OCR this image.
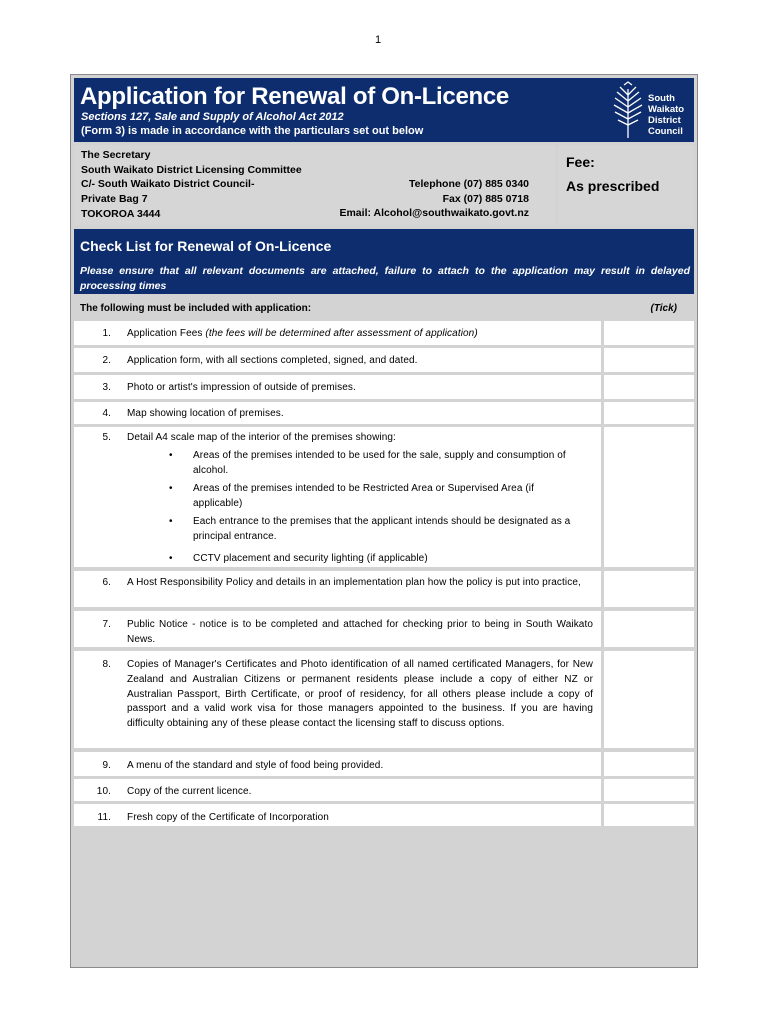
1
Application for Renewal of On-Licence
Sections 127, Sale and Supply of Alcohol Act 2012
(Form 3) is made in accordance with the particulars set out below
South
Waikato
District
Council
The Secretary
South Waikato District Licensing Committee
C/- South Waikato District Council-
Private Bag 7
TOKOROA 3444
Telephone (07) 885 0340
Fax (07) 885 0718
Email: Alcohol@southwaikato.govt.nz
Fee:
As prescribed
Check List for Renewal of On-Licence
Please ensure that all relevant documents are attached, failure to attach to the application may result in delayed processing times
The following must be included with application:	(Tick)
1. Application Fees (the fees will be determined after assessment of application)
2. Application form, with all sections completed, signed, and dated.
3. Photo or artist's impression of outside of premises.
4. Map showing location of premises.
5. Detail A4 scale map of the interior of the premises showing:
• Areas of the premises intended to be used for the sale, supply and consumption of alcohol.
• Areas of the premises intended to be Restricted Area or Supervised Area (if applicable)
• Each entrance to the premises that the applicant intends should be designated as a principal entrance.
• CCTV placement and security lighting (if applicable)
6. A Host Responsibility Policy and details in an implementation plan how the policy is put into practice,
7. Public Notice - notice is to be completed and attached for checking prior to being in South Waikato News.
8. Copies of Manager's Certificates and Photo identification of all named certificated Managers, for New Zealand and Australian Citizens or permanent residents please include a copy of either NZ or Australian Passport, Birth Certificate, or proof of residency, for all others please include a copy of passport and a valid work visa for those managers appointed to the business. If you are having difficulty obtaining any of these please contact the licensing staff to discuss options.
9. A menu of the standard and style of food being provided.
10. Copy of the current licence.
11. Fresh copy of the Certificate of Incorporation
